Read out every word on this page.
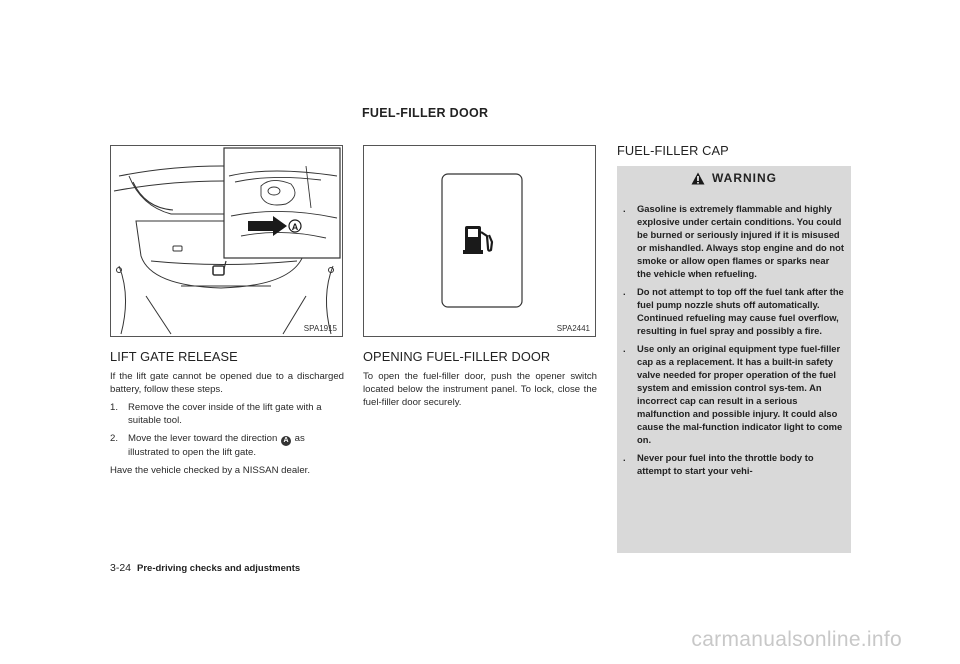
FUEL-FILLER DOOR
A
SPA1915	SPA2441
LIFT GATE RELEASE
If the lift gate cannot be opened due to a discharged battery, follow these steps.
1.	Remove the cover inside of the lift gate with a suitable tool.
2.	Move the lever toward the direction A as illustrated to open the lift gate.
Have the vehicle checked by a NISSAN dealer.
OPENING FUEL-FILLER DOOR
To open the fuel-filler door, push the opener switch located below the instrument panel. To lock, close the fuel-filler door securely.
FUEL-FILLER CAP
WARNING
.	Gasoline is extremely flammable and highly explosive under certain conditions. You could be burned or seriously injured if it is misused or mishandled. Always stop engine and do not smoke or allow open flames or sparks near the vehicle when refueling.
.	Do not attempt to top off the fuel tank after the fuel pump nozzle shuts off automatically. Continued refueling may cause fuel overflow, resulting in fuel spray and possibly a fire.
.	Use only an original equipment type fuel-filler cap as a replacement. It has a built-in safety valve needed for proper operation of the fuel system and emission control sys-tem. An incorrect cap can result in a serious malfunction and possible injury. It could also cause the mal-function indicator light to come on.
.	Never pour fuel into the throttle body to attempt to start your vehi-
3-24 Pre-driving checks and adjustments
carmanualsonline.info
